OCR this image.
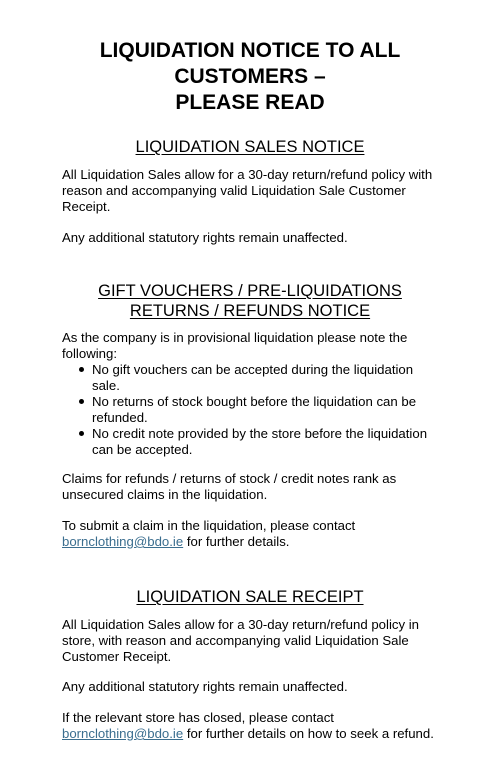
LIQUIDATION NOTICE TO ALL
CUSTOMERS –
PLEASE READ
LIQUIDATION SALES NOTICE

All Liquidation Sales allow for a 30-day return/refund policy with
reason and accompanying valid Liquidation Sale Customer
Receipt.

Any additional statutory rights remain unaffected.

GIFT VOUCHERS / PRE-LIQUIDATIONS
RETURNS / REFUNDS NOTICE

As the company is in provisional liquidation please note the
following:

No gift vouchers can be accepted during the liquidation
sale.
No returns of stock bought before the liquidation can be
refunded.
No credit note provided by the store before the liquidation
can be accepted.

Claims for refunds / returns of stock / credit notes rank as
unsecured claims in the liquidation.

To submit a claim in the liquidation, please contact
bornclothing@bdo.ie for further details.

LIQUIDATION SALE RECEIPT

All Liquidation Sales allow for a 30-day return/refund policy in
store, with reason and accompanying valid Liquidation Sale
Customer Receipt.

Any additional statutory rights remain unaffected.

If the relevant store has closed, please contact
bornclothing@bdo.ie for further details on how to seek a refund.
